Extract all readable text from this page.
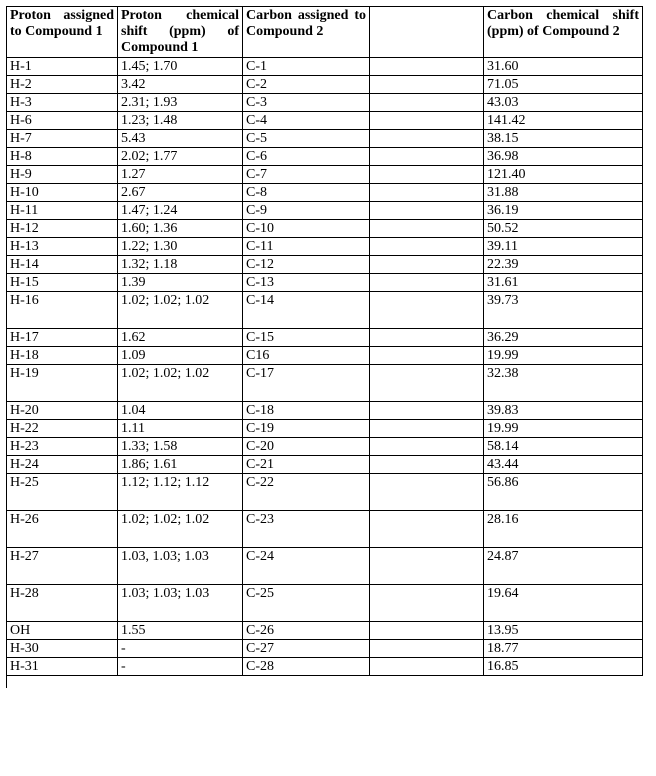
Proton assigned to Compound 1	Proton chemical shift (ppm) of Compound 1	Carbon assigned to Compound 2		Carbon chemical shift (ppm) of Compound 2
H-1	1.45; 1.70	C-1		31.60
H-2	3.42	C-2		71.05
H-3	2.31; 1.93	C-3		43.03
H-6	1.23; 1.48	C-4		141.42
H-7	5.43	C-5		38.15
H-8	2.02; 1.77	C-6		36.98
H-9	1.27	C-7		121.40
H-10	2.67	C-8		31.88
H-11	1.47; 1.24	C-9		36.19
H-12	1.60; 1.36	C-10		50.52
H-13	1.22; 1.30	C-11		39.11
H-14	1.32; 1.18	C-12		22.39
H-15	1.39	C-13		31.61
H-16	1.02; 1.02; 1.02	C-14		39.73
H-17	1.62	C-15		36.29
H-18	1.09	C16		19.99
H-19	1.02; 1.02; 1.02	C-17		32.38
H-20	1.04	C-18		39.83
H-22	1.11	C-19		19.99
H-23	1.33; 1.58	C-20		58.14
H-24	1.86; 1.61	C-21		43.44
H-25	1.12; 1.12; 1.12	C-22		56.86
H-26	1.02; 1.02; 1.02	C-23		28.16
H-27	1.03, 1.03; 1.03	C-24		24.87
H-28	1.03; 1.03; 1.03	C-25		19.64
OH	1.55	C-26		13.95
H-30	-	C-27		18.77
H-31	-	C-28		16.85
